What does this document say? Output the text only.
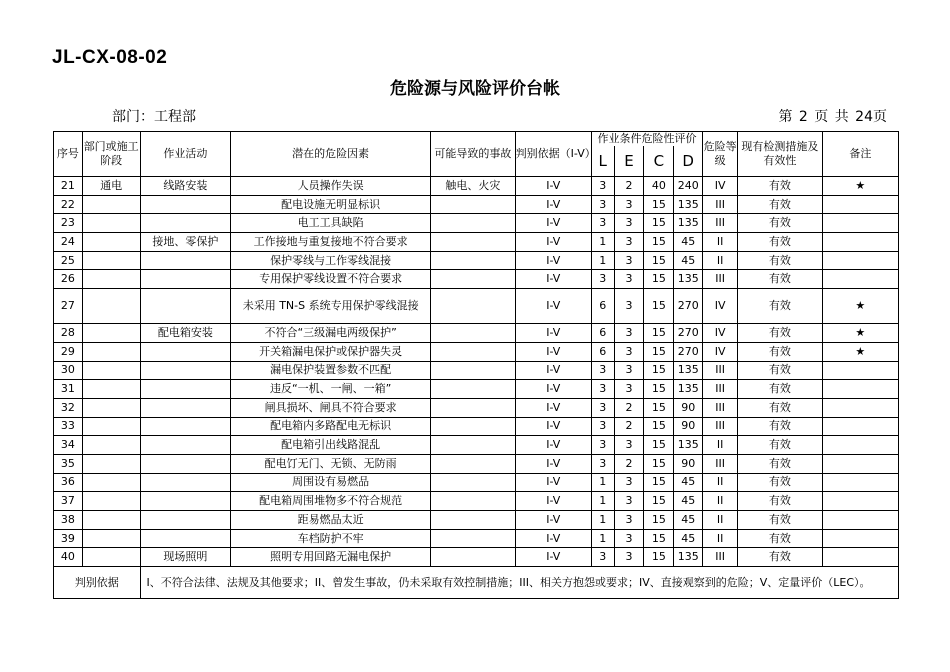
JL-CX-08-02
危险源与风险评价台帐
部门：工程部	第 2 页 共 24页
序号	部门或施工阶段	作业活动	潜在的危险因素	可能导致的事故	判别依据（I-V）	作业条件危险性评价				危险等级	现有检测措施及有效性	备注
						L	E	C	D			
21	通电	线路安装	人员操作失误	触电、火灾	I-V	3	2	40	240	IV	有效	★
22			配电设施无明显标识		I-V	3	3	15	135	III	有效	
23			电工工具缺陷		I-V	3	3	15	135	III	有效	
24		接地、零保护	工作接地与重复接地不符合要求		I-V	1	3	15	45	II	有效	
25			保护零线与工作零线混接		I-V	1	3	15	45	II	有效	
26			专用保护零线设置不符合要求		I-V	3	3	15	135	III	有效	
27			未采用 TN-S 系统专用保护零线混接		I-V	6	3	15	270	IV	有效	★
28		配电箱安装	不符合“三级漏电两级保护”		I-V	6	3	15	270	IV	有效	★
29			开关箱漏电保护或保护器失灵		I-V	6	3	15	270	IV	有效	★
30			漏电保护装置参数不匹配		I-V	3	3	15	135	III	有效	
31			违反“一机、一闸、一箱”		I-V	3	3	15	135	III	有效	
32			闸具损坏、闸具不符合要求		I-V	3	2	15	90	III	有效	
33			配电箱内多路配电无标识		I-V	3	2	15	90	III	有效	
34			配电箱引出线路混乱		I-V	3	3	15	135	II	有效	
35			配电饤无门、无锁、无防雨		I-V	3	2	15	90	III	有效	
36			周围设有易燃品		I-V	1	3	15	45	II	有效	
37			配电箱周围堆物多不符合规范		I-V	1	3	15	45	II	有效	
38			距易燃品太近		I-V	1	3	15	45	II	有效	
39			车档防护不牢		I-V	1	3	15	45	II	有效	
40		现场照明	照明专用回路无漏电保护		I-V	3	3	15	135	III	有效	
判别依据		I、不符合法律、法规及其他要求；II、曾发生事故，仍未采取有效控制措施；III、相关方抱怨或要求；IV、直接观察到的危险；V、定量评价（LEC）。										
